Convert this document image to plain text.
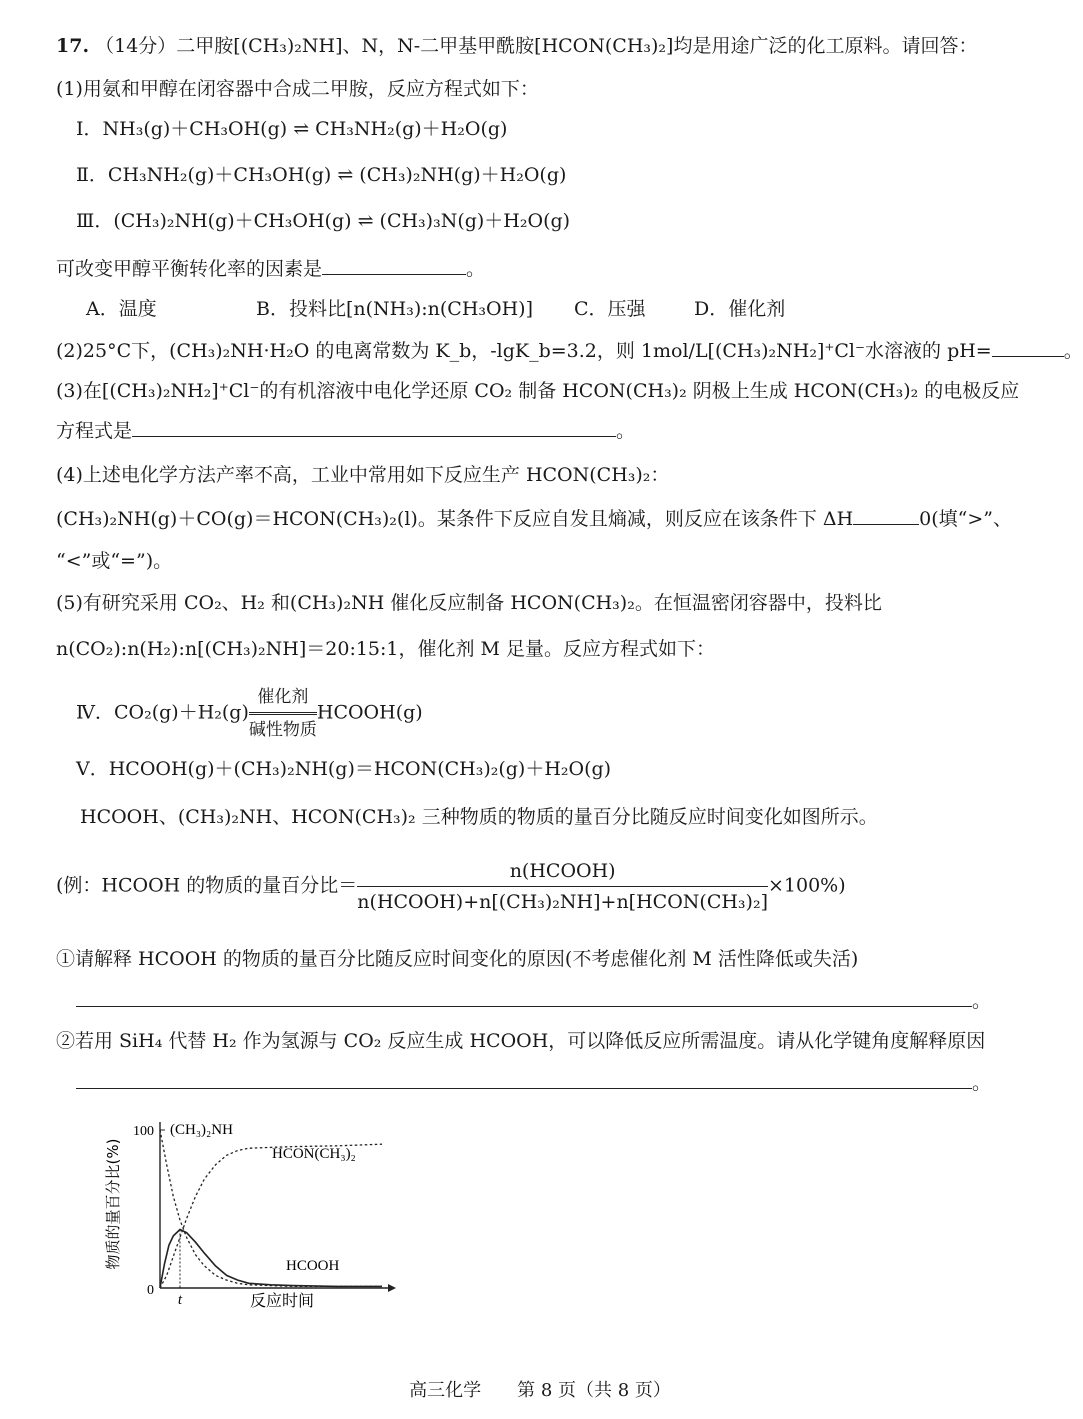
17. （14分）二甲胺[(CH₃)₂NH]、N，N-二甲基甲酰胺[HCON(CH₃)₂]均是用途广泛的化工原料。请回答：
(1)用氨和甲醇在闭容器中合成二甲胺，反应方程式如下：
Ⅰ．NH₃(g)＋CH₃OH(g) ⇌ CH₃NH₂(g)＋H₂O(g)
Ⅱ．CH₃NH₂(g)＋CH₃OH(g) ⇌ (CH₃)₂NH(g)＋H₂O(g)
Ⅲ．(CH₃)₂NH(g)＋CH₃OH(g) ⇌ (CH₃)₃N(g)＋H₂O(g)
可改变甲醇平衡转化率的因素是	。
A．温度	B．投料比[n(NH₃):n(CH₃OH)] C．压强	D．催化剂
(2)25°C下，(CH₃)₂NH·H₂O 的电离常数为 K_b，-lgK_b=3.2，则 1mol/L[(CH₃)₂NH₂]⁺Cl⁻水溶液的 pH=	。
(3)在[(CH₃)₂NH₂]⁺Cl⁻的有机溶液中电化学还原 CO₂ 制备 HCON(CH₃)₂ 阴极上生成 HCON(CH₃)₂ 的电极反应
方程式是	。
(4)上述电化学方法产率不高，工业中常用如下反应生产 HCON(CH₃)₂：
(CH₃)₂NH(g)＋CO(g)＝HCON(CH₃)₂(l)。某条件下反应自发且熵减，则反应在该条件下 ΔH	0(填“>”、
“<”或“=”)。
(5)有研究采用 CO₂、H₂ 和(CH₃)₂NH 催化反应制备 HCON(CH₃)₂。在恒温密闭容器中，投料比
n(CO₂):n(H₂):n[(CH₃)₂NH]＝20:15:1，催化剂 M 足量。反应方程式如下：
Ⅳ．CO₂(g)＋H₂(g)
催化剂
碱性物质
HCOOH(g)
Ⅴ．HCOOH(g)＋(CH₃)₂NH(g)＝HCON(CH₃)₂(g)＋H₂O(g)
HCOOH、(CH₃)₂NH、HCON(CH₃)₂ 三种物质的物质的量百分比随反应时间变化如图所示。
(例：HCOOH 的物质的量百分比＝ $\frac{\text{n(HCOOH)}}{\text{n(HCOOH)+n[(CH₃)₂NH]+n[HCON(CH₃)₂]}} \times 100\%$)
①请解释 HCOOH 的物质的量百分比随反应时间变化的原因(不考虑催化剂 M 活性降低或失活)
。
②若用 SiH₄ 代替 H₂ 作为氢源与 CO₂ 反应生成 HCOOH，可以降低反应所需温度。请从化学键角度解释原因
。
100
0
反应时间
物质的量百分比(%)
t
(CH₃)₂NH
HCON(CH₃)₂
HCOOH
高三化学　　第 8 页（共 8 页）
